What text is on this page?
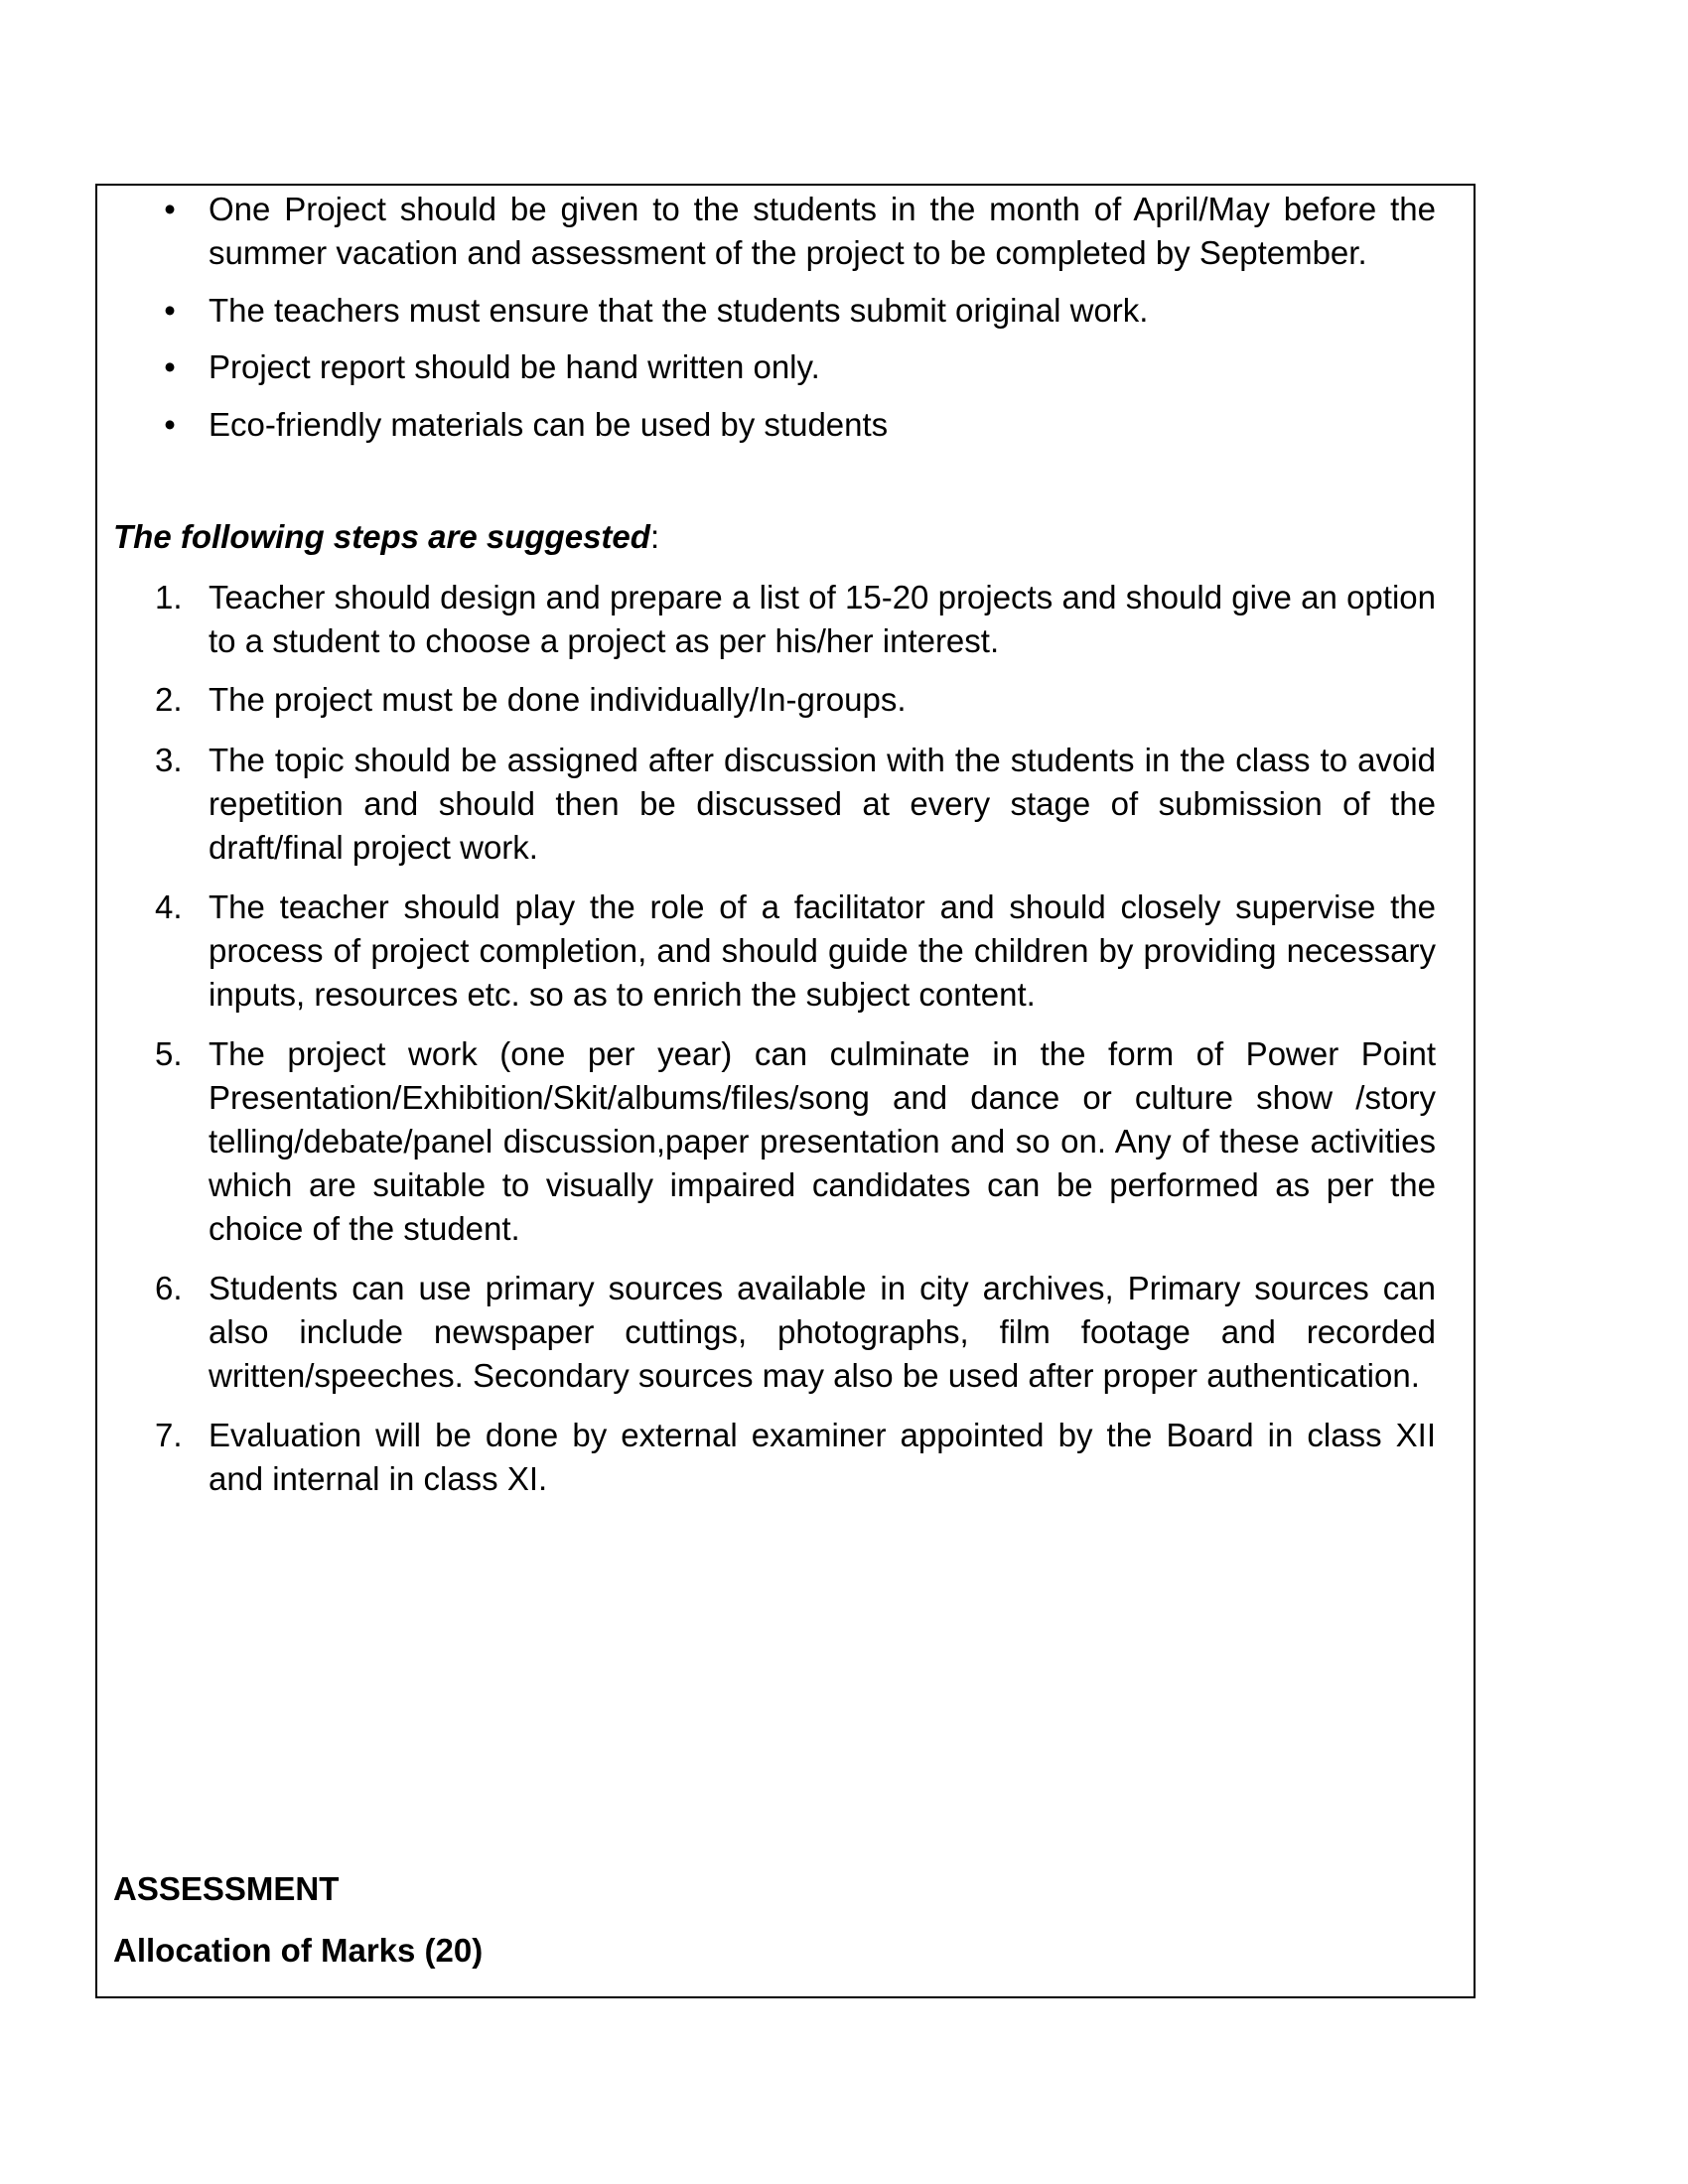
• One Project should be given to the students in the month of April/May before the summer vacation and assessment of the project to be completed by September.
• The teachers must ensure that the students submit original work.
• Project report should be hand written only.
• Eco-friendly materials can be used by students
The following steps are suggested:
1. Teacher should design and prepare a list of 15-20 projects and should give an option to a student to choose a project as per his/her interest.
2. The project must be done individually/In-groups.
3. The topic should be assigned after discussion with the students in the class to avoid repetition and should then be discussed at every stage of submission of the draft/final project work.
4. The teacher should play the role of a facilitator and should closely supervise the process of project completion, and should guide the children by providing necessary inputs, resources etc. so as to enrich the subject content.
5. The project work (one per year) can culminate in the form of Power Point Presentation/Exhibition/Skit/albums/files/song and dance or culture show /story telling/debate/panel discussion,paper presentation and so on. Any of these activities which are suitable to visually impaired candidates can be performed as per the choice of the student.
6. Students can use primary sources available in city archives, Primary sources can also include newspaper cuttings, photographs, film footage and recorded written/speeches. Secondary sources may also be used after proper authentication.
7. Evaluation will be done by external examiner appointed by the Board in class XII and internal in class XI.
ASSESSMENT
Allocation of Marks (20)
